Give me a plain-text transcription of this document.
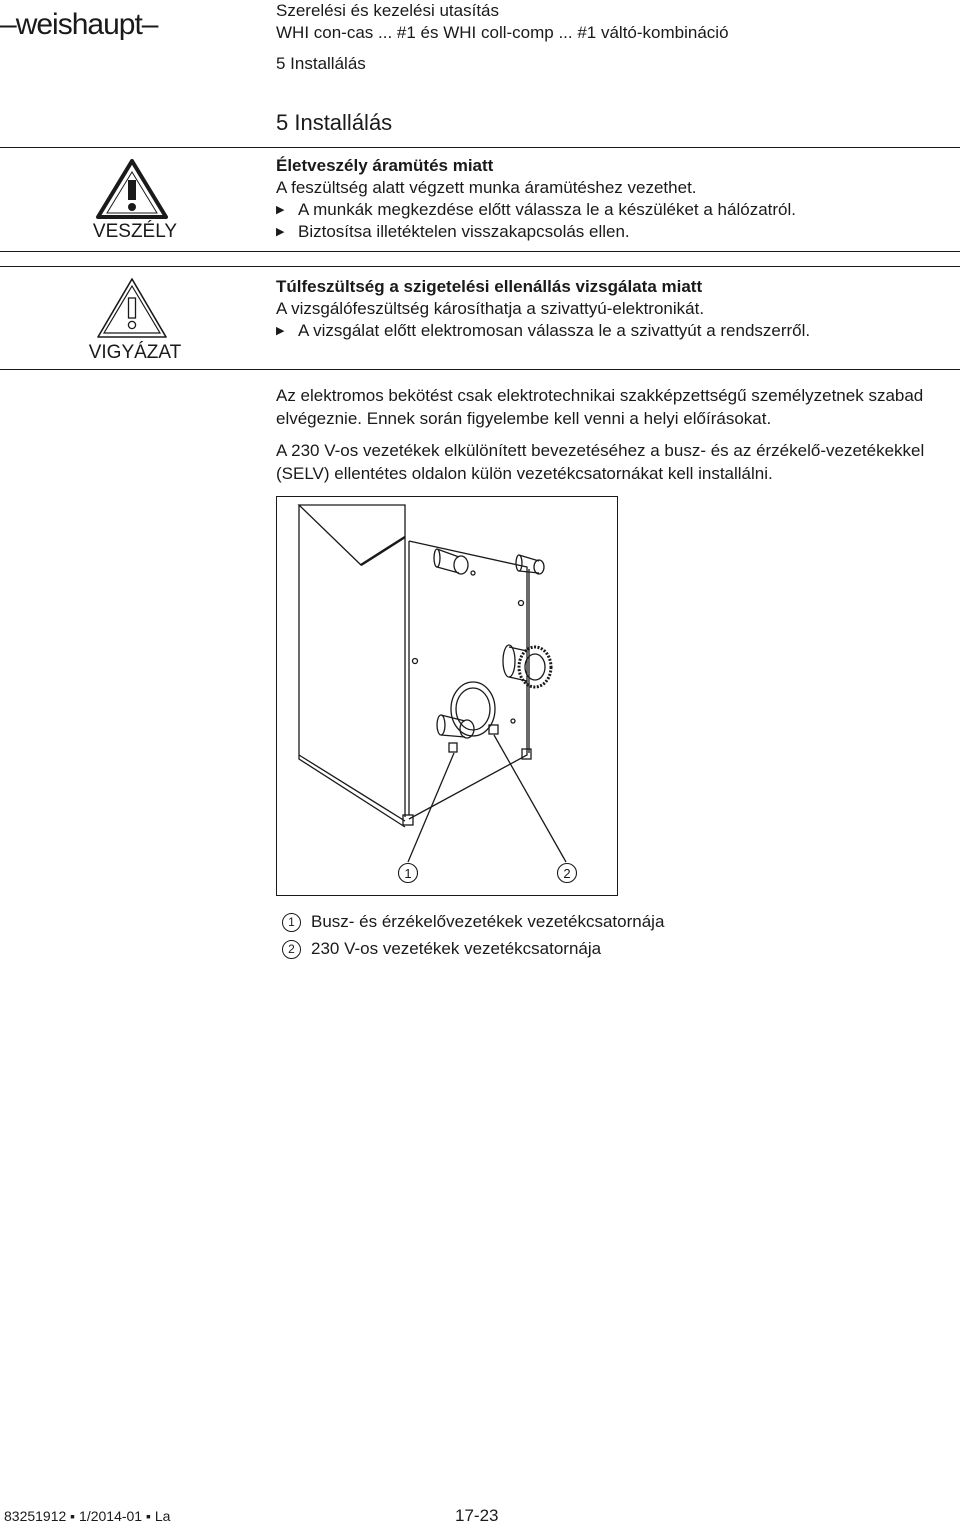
–weishaupt–	Szerelési és kezelési utasítás
WHI con-cas ... #1 és WHI coll-comp ... #1 váltó-kombináció
5 Installálás
5 Installálás
VESZÉLY
Életveszély áramütés miatt
A feszültség alatt végzett munka áramütéshez vezethet.
▶ A munkák megkezdése előtt válassza le a készüléket a hálózatról.
▶ Biztosítsa illetéktelen visszakapcsolás ellen.
VIGYÁZAT
Túlfeszültség a szigetelési ellenállás vizsgálata miatt
A vizsgálófeszültség károsíthatja a szivattyú-elektronikát.
▶ A vizsgálat előtt elektromosan válassza le a szivattyút a rendszerről.
Az elektromos bekötést csak elektrotechnikai szakképzettségű személyzetnek szabad elvégeznie. Ennek során figyelembe kell venni a helyi előírásokat.
A 230 V-os vezetékek elkülönített bevezetéséhez a busz- és az érzékelő-vezetékekkel (SELV) ellentétes oldalon külön vezetékcsatornákat kell installálni.
1	2
1 Busz- és érzékelővezetékek vezetékcsatornája
2 230 V-os vezetékek vezetékcsatornája
83251912 ▪ 1/2014-01 ▪ La	17-23
